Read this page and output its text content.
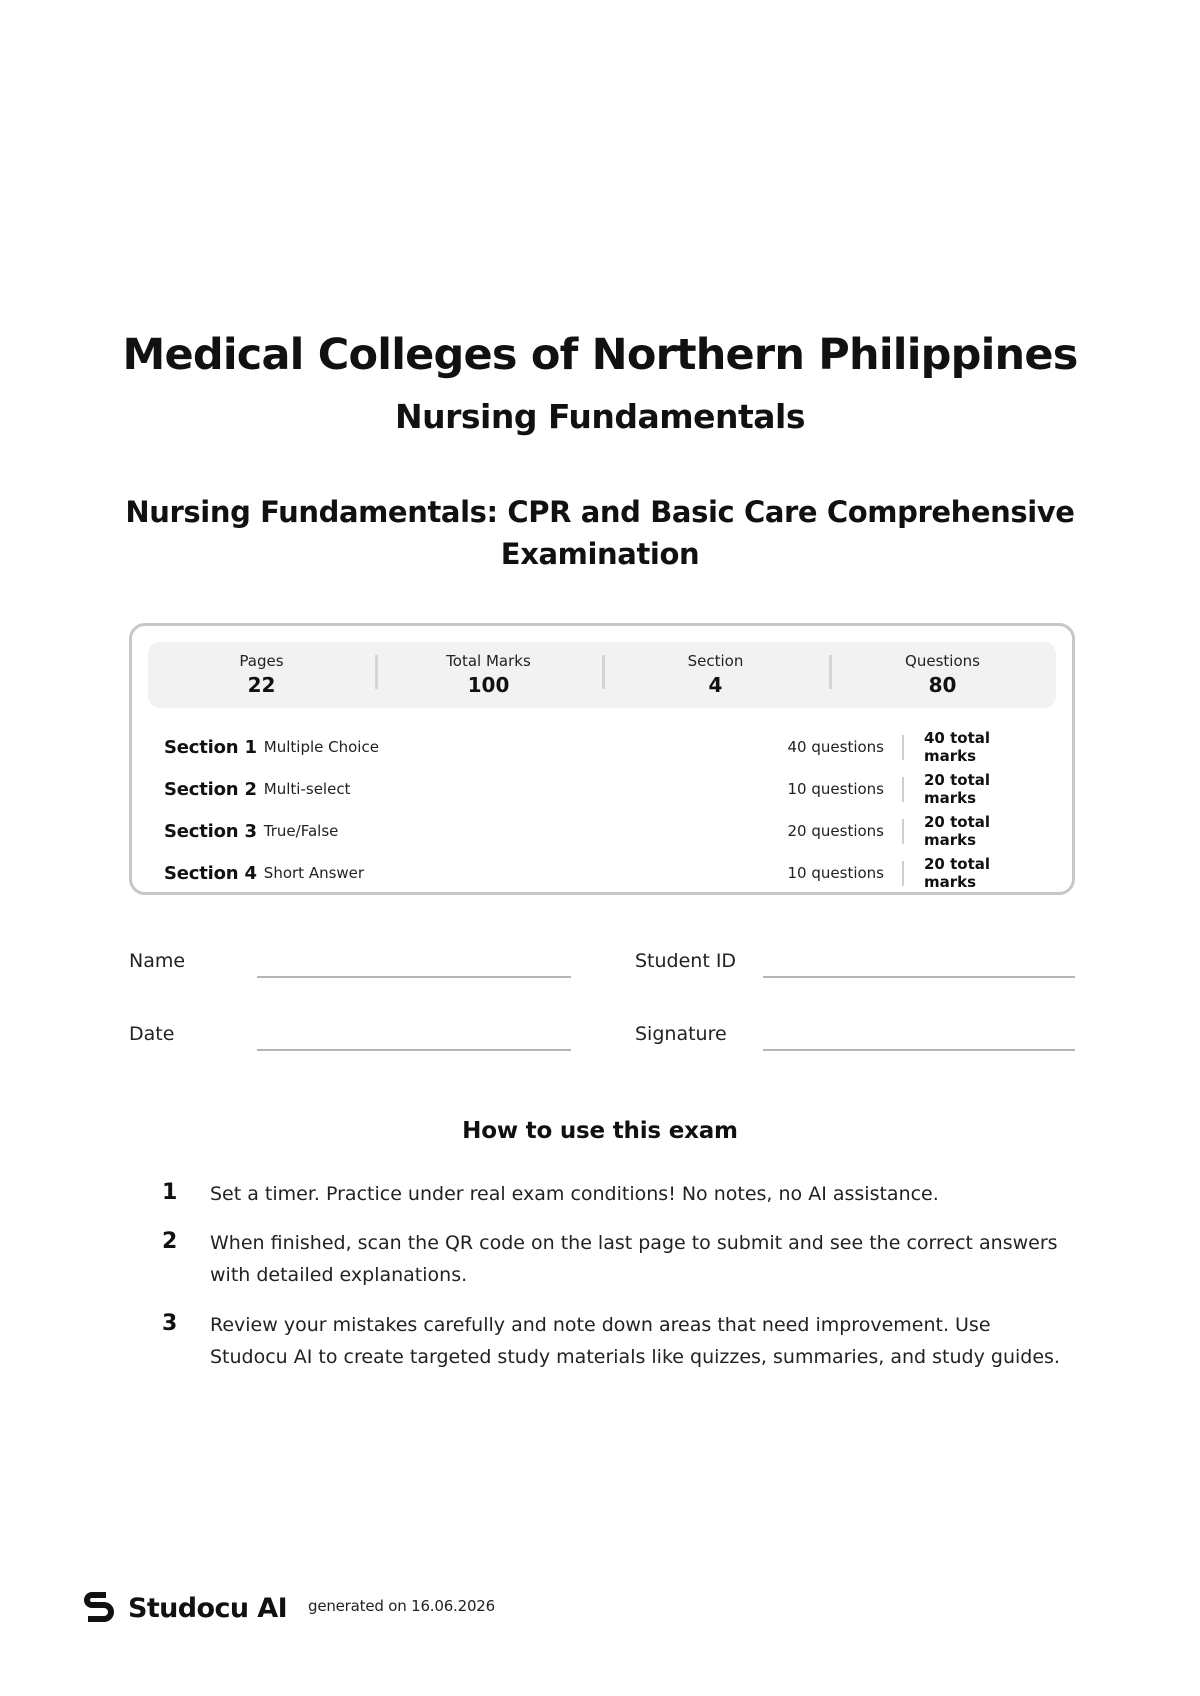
Medical Colleges of Northern Philippines
Nursing Fundamentals
Nursing Fundamentals: CPR and Basic Care Comprehensive Examination
Pages
22
Total Marks
100
Section
4
Questions
80
Section 1 Multiple Choice	40 questions	40 total marks
Section 2 Multi-select	10 questions	20 total marks
Section 3 True/False	20 questions	20 total marks
Section 4 Short Answer	10 questions	20 total marks
Name	Student ID
Date	Signature
How to use this exam
1 Set a timer. Practice under real exam conditions! No notes, no AI assistance.
2 When finished, scan the QR code on the last page to submit and see the correct answers with detailed explanations.
3 Review your mistakes carefully and note down areas that need improvement. Use Studocu AI to create targeted study materials like quizzes, summaries, and study guides.
Studocu AI generated on 16.06.2026
